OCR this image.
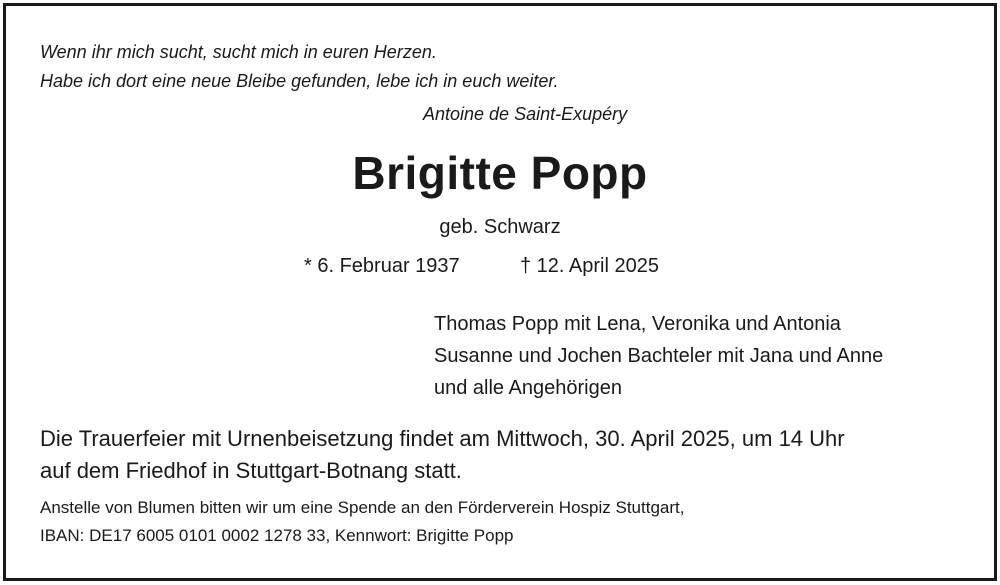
Wenn ihr mich sucht, sucht mich in euren Herzen.
Habe ich dort eine neue Bleibe gefunden, lebe ich in euch weiter.
Antoine de Saint-Exupéry
Brigitte Popp
geb. Schwarz
* 6. Februar 1937	† 12. April 2025
Thomas Popp mit Lena, Veronika und Antonia
Susanne und Jochen Bachteler mit Jana und Anne
und alle Angehörigen
Die Trauerfeier mit Urnenbeisetzung findet am Mittwoch, 30. April 2025, um 14 Uhr
auf dem Friedhof in Stuttgart-Botnang statt.
Anstelle von Blumen bitten wir um eine Spende an den Förderverein Hospiz Stuttgart,
IBAN: DE17 6005 0101 0002 1278 33, Kennwort: Brigitte Popp
